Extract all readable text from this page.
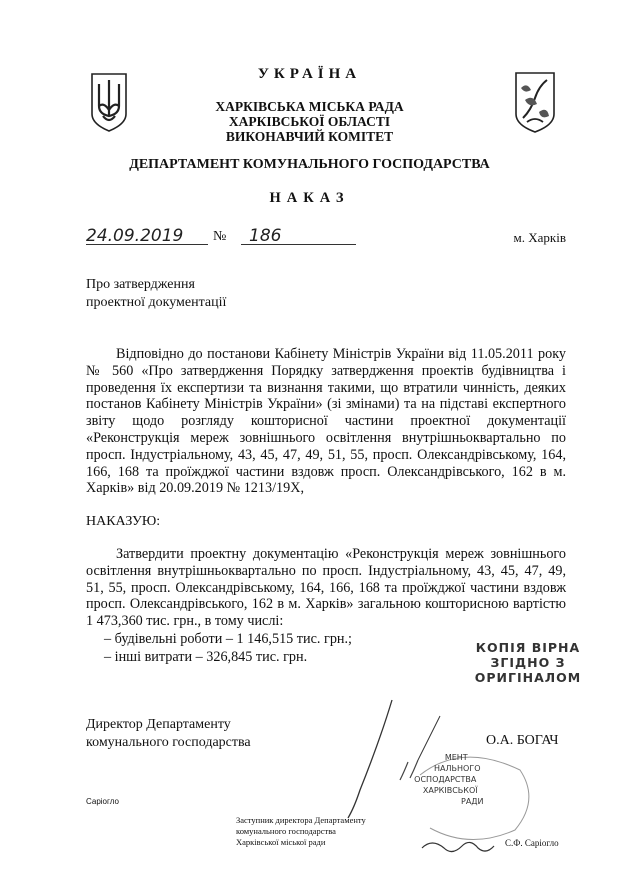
УКРАЇНА
ХАРКІВСЬКА МІСЬКА РАДА
ХАРКІВСЬКОЇ ОБЛАСТІ
ВИКОНАВЧИЙ КОМІТЕТ
ДЕПАРТАМЕНТ КОМУНАЛЬНОГО ГОСПОДАРСТВА
НАКАЗ
24.09.2019	№	186	м. Харків
Про затвердження
проектної документації
Відповідно до постанови Кабінету Міністрів України від 11.05.2011 року № 560 «Про затвердження Порядку затвердження проектів будівництва і проведення їх експертизи та визнання такими, що втратили чинність, деяких постанов Кабінету Міністрів України» (зі змінами) та на підставі експертного звіту щодо розгляду кошторисної частини проектної документації «Реконструкція мереж зовнішнього освітлення внутрішньоквартально по просп. Індустріальному, 43, 45, 47, 49, 51, 55, просп. Олександрівському, 164, 166, 168 та проїжджої частини вздовж просп. Олександрівського, 162 в м. Харків» від 20.09.2019 № 1213/19Х,
НАКАЗУЮ:
Затвердити проектну документацію «Реконструкція мереж зовнішнього освітлення внутрішньоквартально по просп. Індустріальному, 43, 45, 47, 49, 51, 55, просп. Олександрівському, 164, 166, 168 та проїжджої частини вздовж просп. Олександрівського, 162 в м. Харків» загальною кошторисною вартістю 1 473,360 тис. грн., в тому числі:
– будівельні роботи – 1 146,515 тис. грн.;
– інші витрати – 326,845 тис. грн.
КОПІЯ ВІРНА
ЗГІДНО З
ОРИГІНАЛОМ
Директор Департаменту
комунального господарства	О.А. БОГАЧ
МЕНТ
НАЛЬНОГО
ОСПОДАРСТВА
ХАРКІВСЬКОЇ
РАДИ
Саріогло
Заступник директора Департаменту
комунального господарства
Харківської міської ради	С.Ф. Саріогло
